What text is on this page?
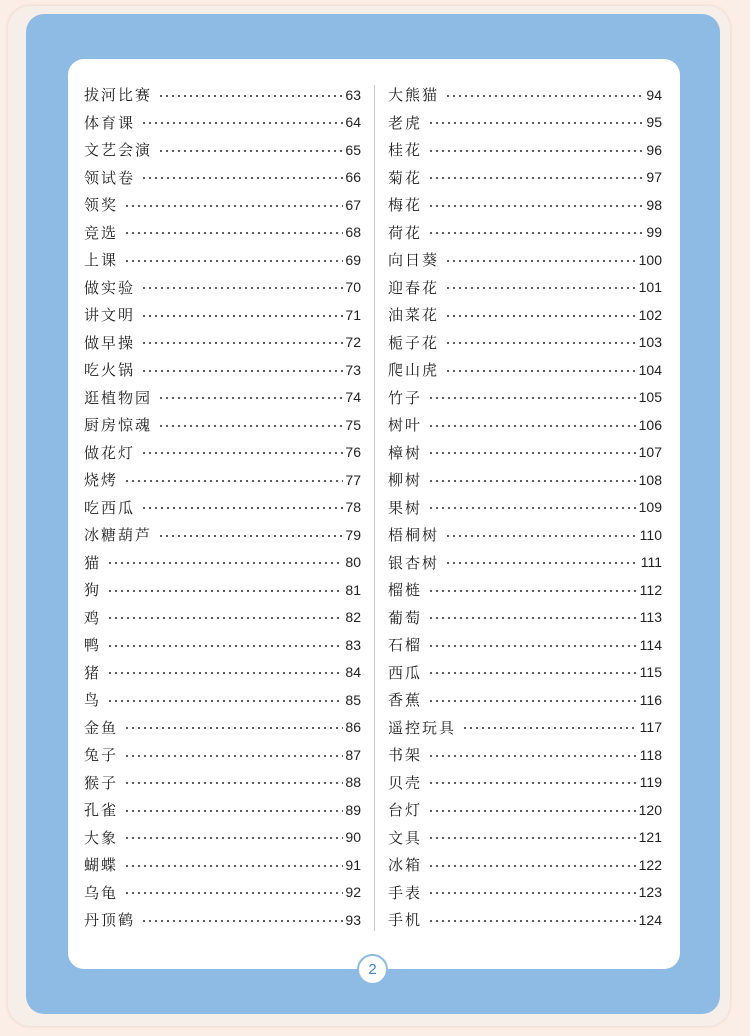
拔河比赛	63
体育课	64
文艺会演	65
领试卷	66
领奖	67
竞选	68
上课	69
做实验	70
讲文明	71
做早操	72
吃火锅	73
逛植物园	74
厨房惊魂	75
做花灯	76
烧烤	77
吃西瓜	78
冰糖葫芦	79
猫	80
狗	81
鸡	82
鸭	83
猪	84
鸟	85
金鱼	86
兔子	87
猴子	88
孔雀	89
大象	90
蝴蝶	91
乌龟	92
丹顶鹤	93
大熊猫	94
老虎	95
桂花	96
菊花	97
梅花	98
荷花	99
向日葵	100
迎春花	101
油菜花	102
栀子花	103
爬山虎	104
竹子	105
树叶	106
樟树	107
柳树	108
果树	109
梧桐树	110
银杏树	111
榴梿	112
葡萄	113
石榴	114
西瓜	115
香蕉	116
遥控玩具	117
书架	118
贝壳	119
台灯	120
文具	121
冰箱	122
手表	123
手机	124
2
